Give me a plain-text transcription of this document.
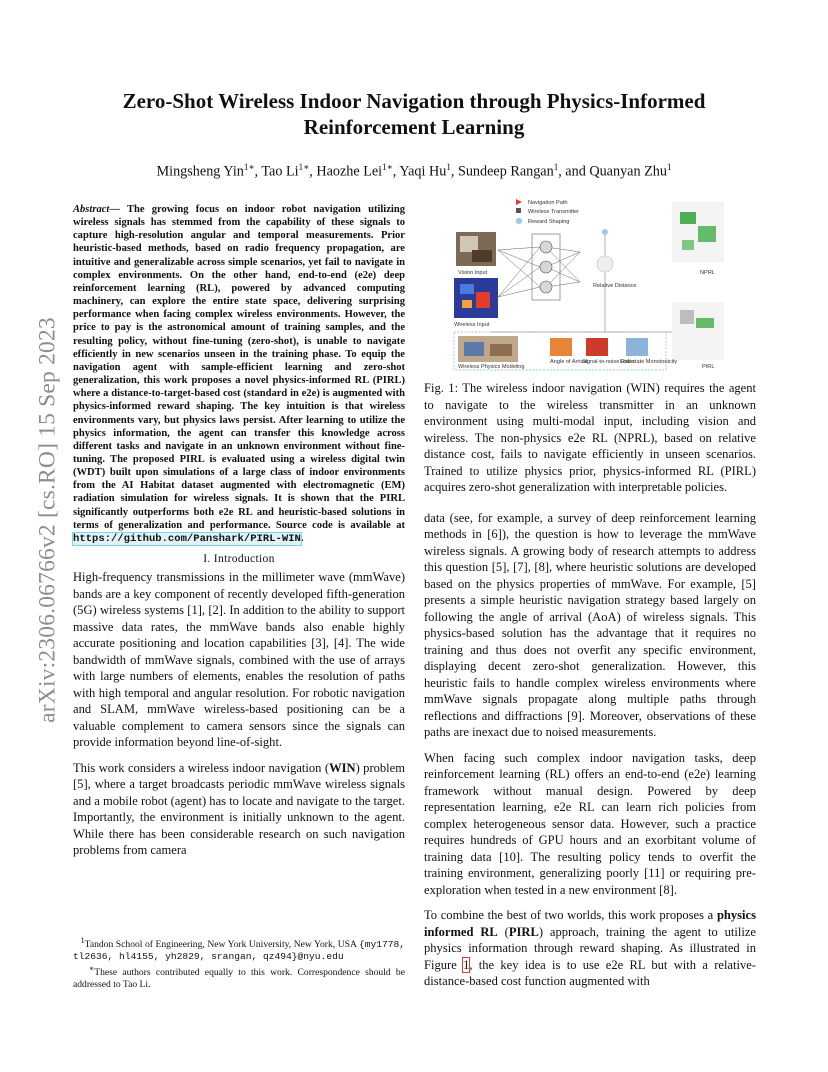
arXiv:2306.06766v2 [cs.RO] 15 Sep 2023
Zero-Shot Wireless Indoor Navigation through Physics-Informed Reinforcement Learning
Mingsheng Yin$^{1∗}$, Tao $Li^{1∗}$, Haozhe Lei$^{1∗}$, Yaqi Hu$^1$, Sundeep Rangan$^1$, and Quanyan Zhu$^1$

Abstract— The growing focus on indoor robot navigation utilizing wireless signals has stemmed from the capability of these signals to capture high-resolution angular and temporal measurements. Prior heuristic-based methods, based on radio frequency propagation, are intuitive and generalizable across simple scenarios, yet fail to navigate in complex environments. On the other hand, end-to-end (e2e) deep reinforcement learning (RL), powered by advanced computing machinery, can explore the entire state space, delivering surprising performance when facing complex wireless environments. However, the price to pay is the astronomical amount of training samples, and the resulting policy, without fine-tuning (zero-shot), is unable to navigate efficiently in new scenarios unseen in the training phase. To equip the navigation agent with sample-efficient learning and zero-shot generalization, this work proposes a novel physics-informed RL (PIRL) where a distance-to-target-based cost (standard in e2e) is augmented with physics-informed reward shaping. The key intuition is that wireless environments vary, but physics laws persist. After learning to utilize the physics information, the agent can transfer this knowledge across different tasks and navigate in an unknown environment without fine-tuning. The proposed PIRL is evaluated using a wireless digital twin (WDT) built upon simulations of a large class of indoor environments from the AI Habitat dataset augmented with electromagnetic (EM) radiation simulation for wireless signals. It is shown that the PIRL significantly outperforms both e2e RL and heuristic-based solutions in terms of generalization and performance. Source code is available at https://github.com/Panshark/PIRL-WIN.

I. Introduction

High-frequency transmissions in the millimeter wave (mmWave) bands are a key component of recently developed fifth-generation (5G) wireless systems [1], [2]. In addition to the ability to support massive data rates, the mmWave bands also enable highly accurate positioning and location capabilities [3], [4]. The wide bandwidth of mmWave signals, combined with the use of arrays with large numbers of elements, enables the resolution of paths with high temporal and angular resolution. For robotic navigation and SLAM, mmWave wireless-based positioning can be a valuable complement to camera sensors since the signals can provide information beyond line-of-sight.

This work considers a wireless indoor navigation (WIN) problem [5], where a target broadcasts periodic mmWave wireless signals and a mobile robot (agent) has to locate and navigate to the target. Importantly, the environment is initially unknown to the agent. While there has been considerable research on such navigation problems from camera

$^1$Tandon School of Engineering, New York University, New York, USA {my1778, tl2636, hl4155, yh2829, srangan, qz494}@nyu.edu

∗These authors contributed equally to this work. Correspondence should be addressed to Tao Li.

Navigation Path
Wireless Transmitter
Reward Shaping
Vision Input
Wireless Input
Relative Distance
NPRL
PIRL
Wireless Physics Modeling
Angle of Arrival
Signal-to-noise Ratio
Link-state Monotonicity

Fig. 1: The wireless indoor navigation (WIN) requires the agent to navigate to the wireless transmitter in an unknown environment using multi-modal input, including vision and wireless. The non-physics e2e RL (NPRL), based on relative distance cost, fails to navigate efficiently in unseen scenarios. Trained to utilize physics prior, physics-informed RL (PIRL) acquires zero-shot generalization with interpretable policies.

data (see, for example, a survey of deep reinforcement learning methods in [6]), the question is how to leverage the mmWave wireless signals. A growing body of research attempts to address this question [5], [7], [8], where heuristic solutions are developed based on the physics properties of mmWave. For example, [5] presents a simple heuristic navigation strategy based largely on following the angle of arrival (AoA) of wireless signals. This physics-based solution has the advantage that it requires no training and thus does not overfit any specific environment, displaying decent zero-shot generalization. However, this heuristic fails to handle complex wireless environments where mmWave signals propagate along multiple paths through reflections and diffractions [9]. Moreover, observations of these paths are inexact due to noised measurements.

When facing such complex indoor navigation tasks, deep reinforcement learning (RL) offers an end-to-end (e2e) learning framework without manual design. Powered by deep representation learning, e2e RL can learn rich policies from complex heterogeneous sensor data. However, such a practice requires hundreds of GPU hours and an exorbitant volume of training data [10]. The resulting policy tends to overfit the training environment, generalizing poorly [11] or requiring pre-exploration when tested in a new environment [8].

To combine the best of two worlds, this work proposes a physics informed RL (PIRL) approach, training the agent to utilize physics information through reward shaping. As illustrated in Figure 1, the key idea is to use e2e RL but with a relative-distance-based cost function augmented with
